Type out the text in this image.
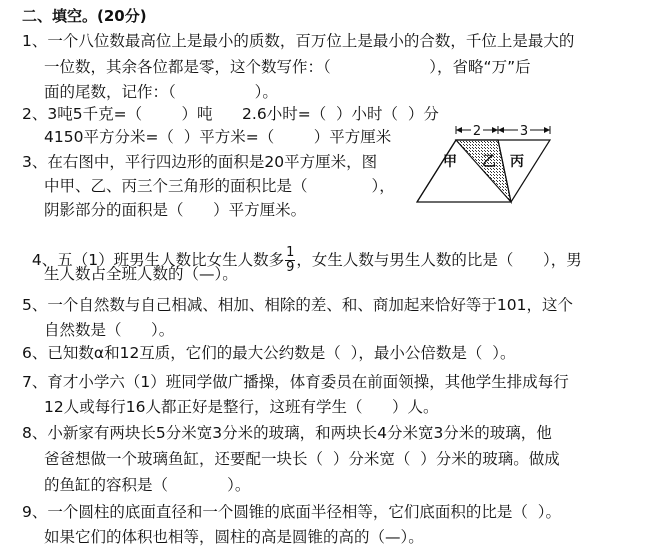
二、填空。(20分)
1、一个八位数最高位上是最小的质数，百万位上是最小的合数，千位上是最大的
一位数，其余各位都是零，这个数写作：（                    ），省略“万”后
面的尾数，记作：（                ）。
2、3吨5千克=（        ）吨      2.6小时=（  ）小时（  ）分
4150平方分米=（  ）平方米=（        ）平方厘米
3、在右图中，平行四边形的面积是20平方厘米，图
中甲、乙、丙三个三角形的面积比是（             ），
阴影部分的面积是（      ）平方厘米。
2	3
甲 乙 丙

4、五（1）班男生人数比女生人数多 $\frac{1}{9}$ ，女生人数与男生人数的比是（      ），男

生人数占全班人数的（—）。
5、一个自然数与自己相减、相加、相除的差、和、商加起来恰好等于101，这个
自然数是（      ）。
6、已知数α和12互质，它们的最大公约数是（  ），最小公倍数是（  ）。
7、育才小学六（1）班同学做广播操，体育委员在前面领操，其他学生排成每行
12人或每行16人都正好是整行，这班有学生（      ）人。
8、小新家有两块长5分米宽3分米的玻璃，和两块长4分米宽3分米的玻璃，他
爸爸想做一个玻璃鱼缸，还要配一块长（  ）分米宽（  ）分米的玻璃。做成
的鱼缸的容积是（            ）。
9、一个圆柱的底面直径和一个圆锥的底面半径相等，它们底面积的比是（  ）。
如果它们的体积也相等，圆柱的高是圆锥的高的（—）。
